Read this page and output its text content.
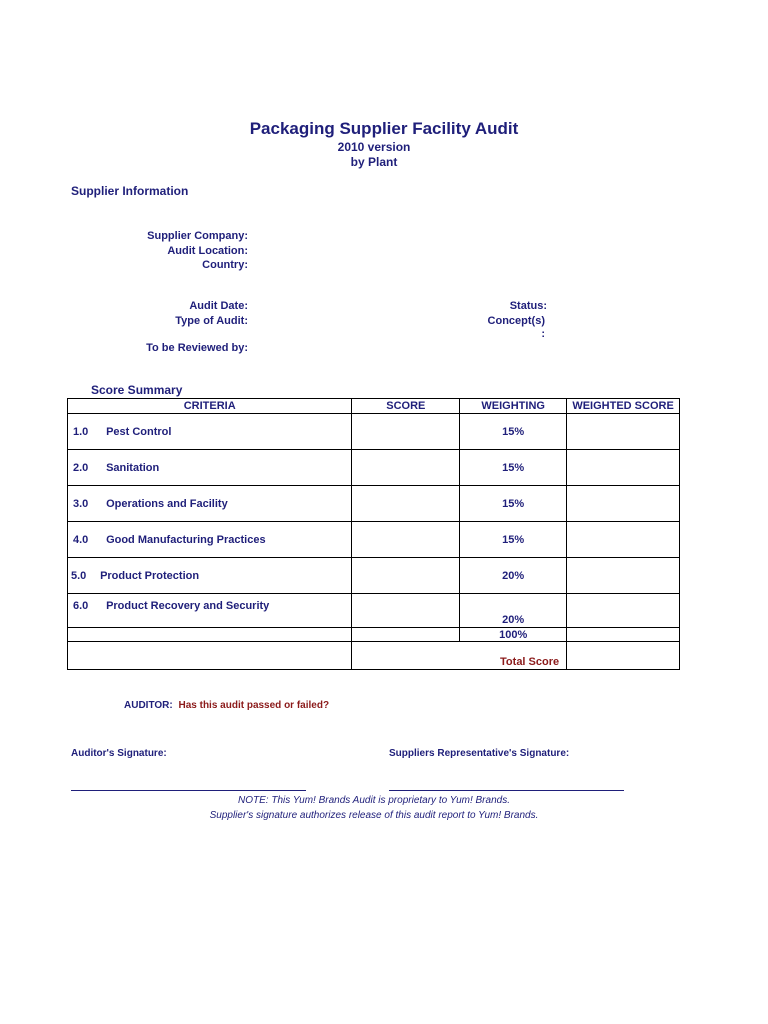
Packaging Supplier Facility Audit
2010 version
by Plant
Supplier Information
Supplier Company:
Audit Location:
Country:
Audit Date:
Type of Audit:
To be Reviewed by:
Status:
Concept(s)
:
Score Summary
CRITERIA	SCORE	WEIGHTING	WEIGHTED SCORE
1.0 Pest Control		15%	
2.0 Sanitation		15%	
3.0 Operations and Facility		15%	
4.0 Good Manufacturing Practices		15%	
5.0 Product Protection		20%	
6.0 Product Recovery and Security		20%	
		100%	
	Total Score		
AUDITOR: Has this audit passed or failed?
Auditor's Signature:	Suppliers Representative's Signature:
NOTE: This Yum! Brands Audit is proprietary to Yum! Brands.
Supplier's signature authorizes release of this audit report to Yum! Brands.
